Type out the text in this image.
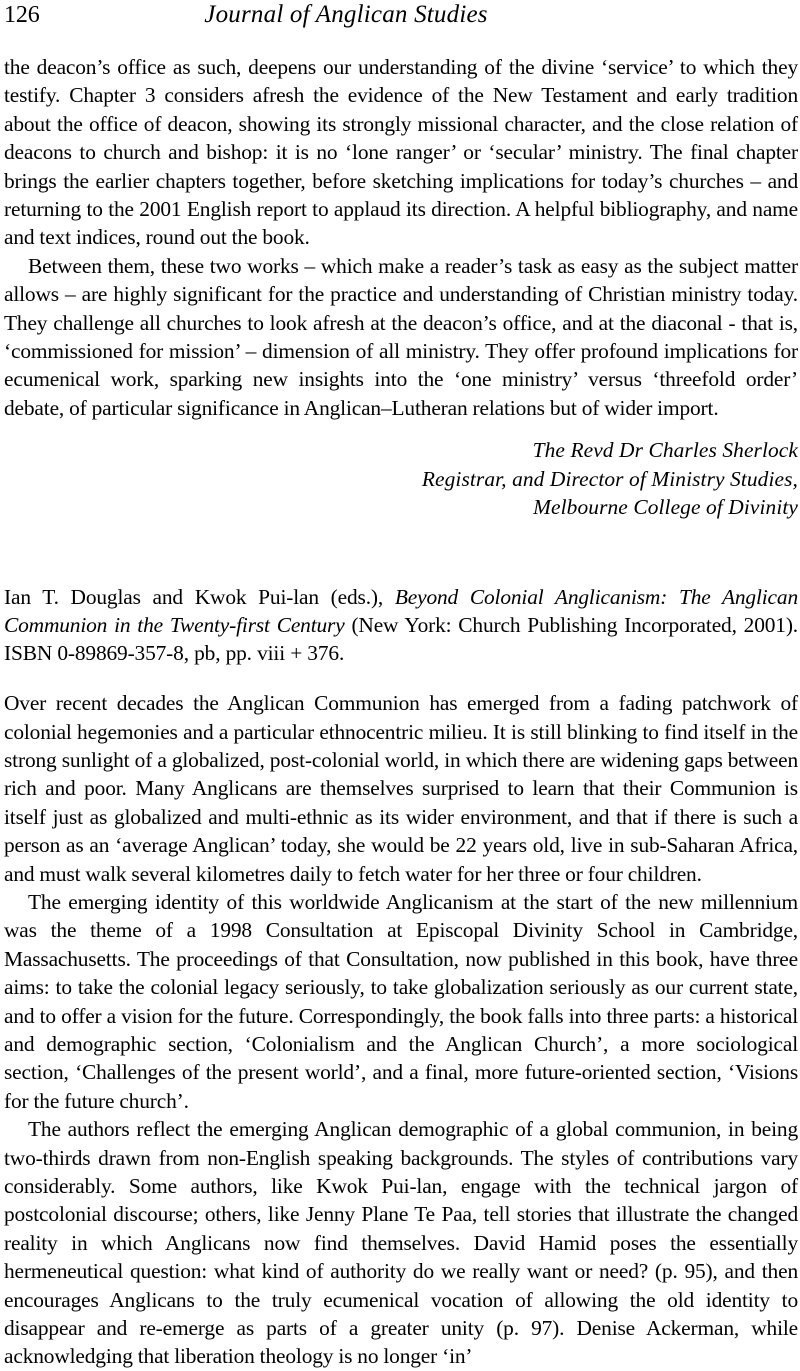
126	Journal of Anglican Studies

the deacon’s office as such, deepens our understanding of the divine ‘service’ to which they testify. Chapter 3 considers afresh the evidence of the New Testament and early tradition about the office of deacon, showing its strongly missional character, and the close relation of deacons to church and bishop: it is no ‘lone ranger’ or ‘secular’ ministry. The final chapter brings the earlier chapters together, before sketching implications for today’s churches – and returning to the 2001 English report to applaud its direction. A helpful bibliography, and name and text indices, round out the book.

Between them, these two works – which make a reader’s task as easy as the subject matter allows – are highly significant for the practice and understanding of Christian ministry today. They challenge all churches to look afresh at the deacon’s office, and at the diaconal - that is, ‘commissioned for mission’ – dimension of all ministry. They offer profound implications for ecumenical work, sparking new insights into the ‘one ministry’ versus ‘threefold order’ debate, of particular significance in Anglican–Lutheran relations but of wider import.

The Revd Dr Charles Sherlock
Registrar, and Director of Ministry Studies,
Melbourne College of Divinity

Ian T. Douglas and Kwok Pui-lan (eds.), Beyond Colonial Anglicanism: The Anglican Communion in the Twenty-first Century (New York: Church Publishing Incorporated, 2001). ISBN 0-89869-357-8, pb, pp. viii + 376.

Over recent decades the Anglican Communion has emerged from a fading patchwork of colonial hegemonies and a particular ethnocentric milieu. It is still blinking to find itself in the strong sunlight of a globalized, post-colonial world, in which there are widening gaps between rich and poor. Many Anglicans are themselves surprised to learn that their Communion is itself just as globalized and multi-ethnic as its wider environment, and that if there is such a person as an ‘average Anglican’ today, she would be 22 years old, live in sub-Saharan Africa, and must walk several kilometres daily to fetch water for her three or four children.

The emerging identity of this worldwide Anglicanism at the start of the new millennium was the theme of a 1998 Consultation at Episcopal Divinity School in Cambridge, Massachusetts. The proceedings of that Consultation, now published in this book, have three aims: to take the colonial legacy seriously, to take globalization seriously as our current state, and to offer a vision for the future. Correspondingly, the book falls into three parts: a historical and demographic section, ‘Colonialism and the Anglican Church’, a more sociological section, ‘Challenges of the present world’, and a final, more future-oriented section, ‘Visions for the future church’.

The authors reflect the emerging Anglican demographic of a global communion, in being two-thirds drawn from non-English speaking backgrounds. The styles of contributions vary considerably. Some authors, like Kwok Pui-lan, engage with the technical jargon of postcolonial discourse; others, like Jenny Plane Te Paa, tell stories that illustrate the changed reality in which Anglicans now find themselves. David Hamid poses the essentially hermeneutical question: what kind of authority do we really want or need? (p. 95), and then encourages Anglicans to the truly ecumenical vocation of allowing the old identity to disappear and re-emerge as parts of a greater unity (p. 97). Denise Ackerman, while acknowledging that liberation theology is no longer ‘in’
